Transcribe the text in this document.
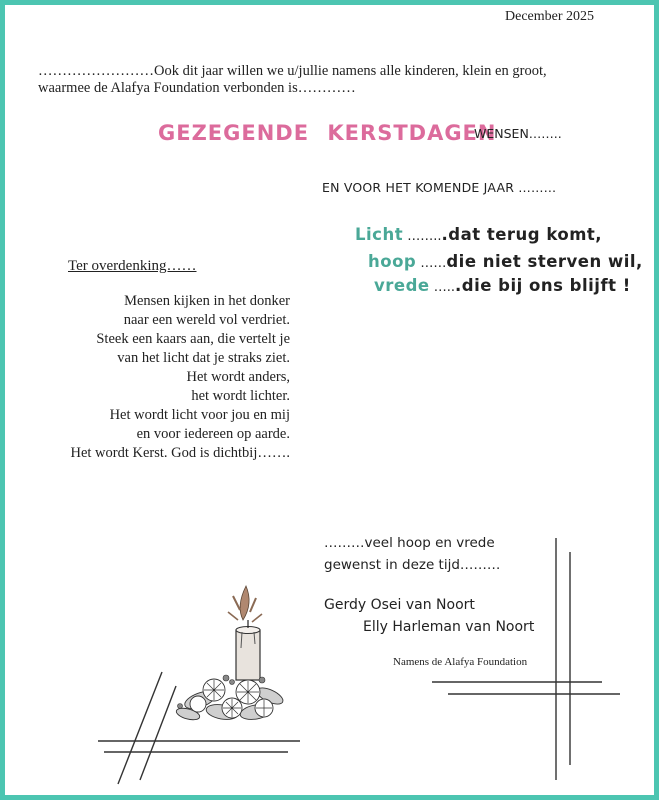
December 2025
……………………Ook dit jaar willen we u/jullie namens alle kinderen, klein en groot,
waarmee de Alafya Foundation verbonden is…………
GEZEGENDE KERSTDAGEN
WENSEN……..
EN VOOR HET KOMENDE JAAR ………
Licht ……...dat terug komt,
hoop ……die niet sterven wil,
vrede …...die bij ons blijft !
Ter overdenking……
Mensen kijken in het donker
naar een wereld vol verdriet.
Steek een kaars aan, die vertelt je
van het licht dat je straks ziet.
Het wordt anders,
het wordt lichter.
Het wordt licht voor jou en mij
en voor iedereen op aarde.
Het wordt Kerst. God is dichtbij…….
………veel hoop en vrede
gewenst in deze tijd………
Gerdy Osei van Noort
Elly Harleman van Noort
Namens de Alafya Foundation
